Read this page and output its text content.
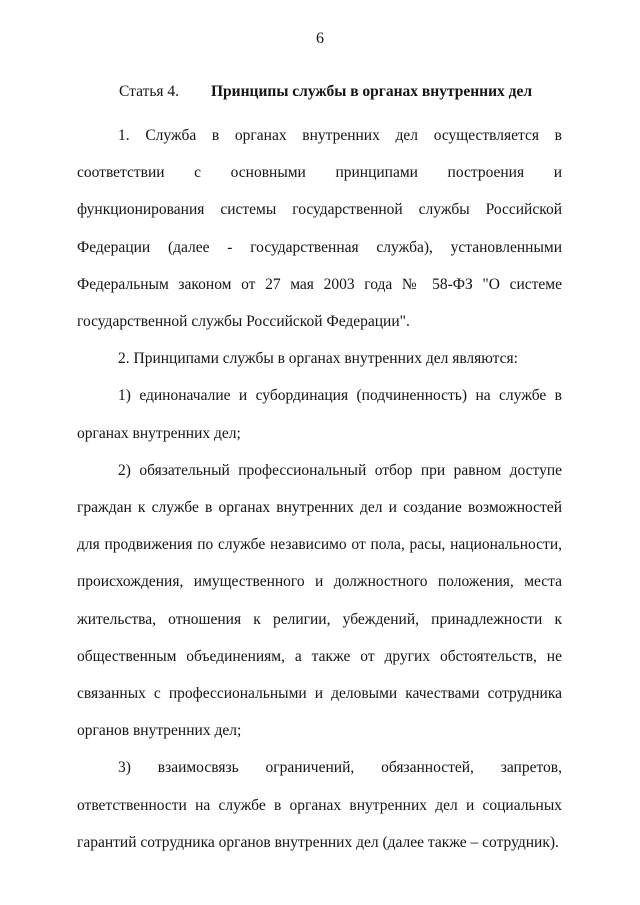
6
Статья 4. Принципы службы в органах внутренних дел

1. Служба в органах внутренних дел осуществляется в соответствии с основными принципами построения и функционирования системы государственной службы Российской Федерации (далее - государственная служба), установленными Федеральным законом от 27 мая 2003 года № 58-ФЗ "О системе государственной службы Российской Федерации".

2. Принципами службы в органах внутренних дел являются:

1) единоначалие и субординация (подчиненность) на службе в органах внутренних дел;

2) обязательный профессиональный отбор при равном доступе граждан к службе в органах внутренних дел и создание возможностей для продвижения по службе независимо от пола, расы, национальности, происхождения, имущественного и должностного положения, места жительства, отношения к религии, убеждений, принадлежности к общественным объединениям, а также от других обстоятельств, не связанных с профессиональными и деловыми качествами сотрудника органов внутренних дел;

3) взаимосвязь ограничений, обязанностей, запретов, ответственности на службе в органах внутренних дел и социальных гарантий сотрудника органов внутренних дел (далее также – сотрудник).
